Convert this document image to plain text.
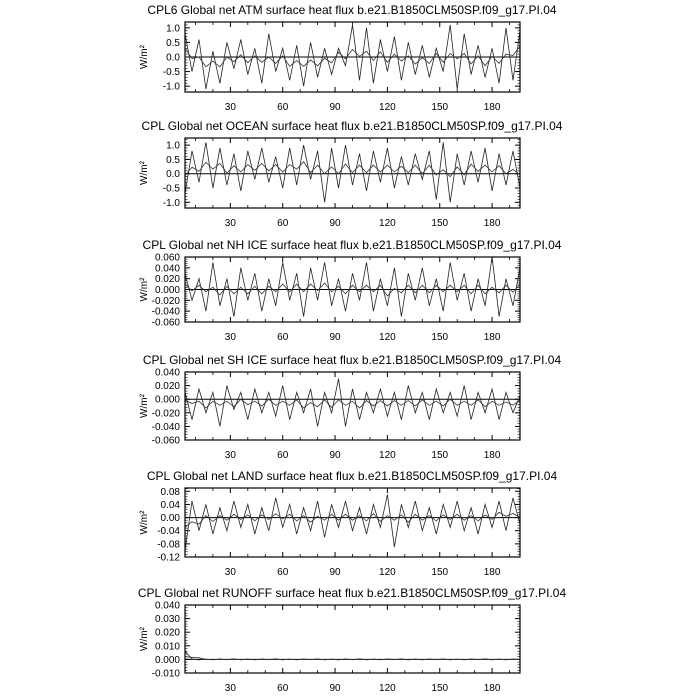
CPL6 Global net ATM surface heat flux b.e21.B1850CLM50SP.f09_g17.PI.04
W/m²
30	60	90	120	150	180
-1.0
-0.5
0.0
0.5
1.0
CPL Global net OCEAN surface heat flux b.e21.B1850CLM50SP.f09_g17.PI.04
W/m²
30	60	90	120	150	180
-1.0
-0.5
0.0
0.5
1.0
CPL Global net NH ICE surface heat flux b.e21.B1850CLM50SP.f09_g17.PI.04
W/m²
30	60	90	120	150	180
-0.060
-0.040
-0.020
0.000
0.020
0.040
0.060
CPL Global net SH ICE surface heat flux b.e21.B1850CLM50SP.f09_g17.PI.04
W/m²
30	60	90	120	150	180
-0.060
-0.040
-0.020
0.000
0.020
0.040
CPL Global net LAND surface heat flux b.e21.B1850CLM50SP.f09_g17.PI.04
W/m²
30	60	90	120	150	180
-0.12
-0.08
-0.04
0.00
0.04
0.08
CPL Global net RUNOFF surface heat flux b.e21.B1850CLM50SP.f09_g17.PI.04
W/m²
30	60	90	120	150	180
-0.010
0.000
0.010
0.020
0.030
0.040
